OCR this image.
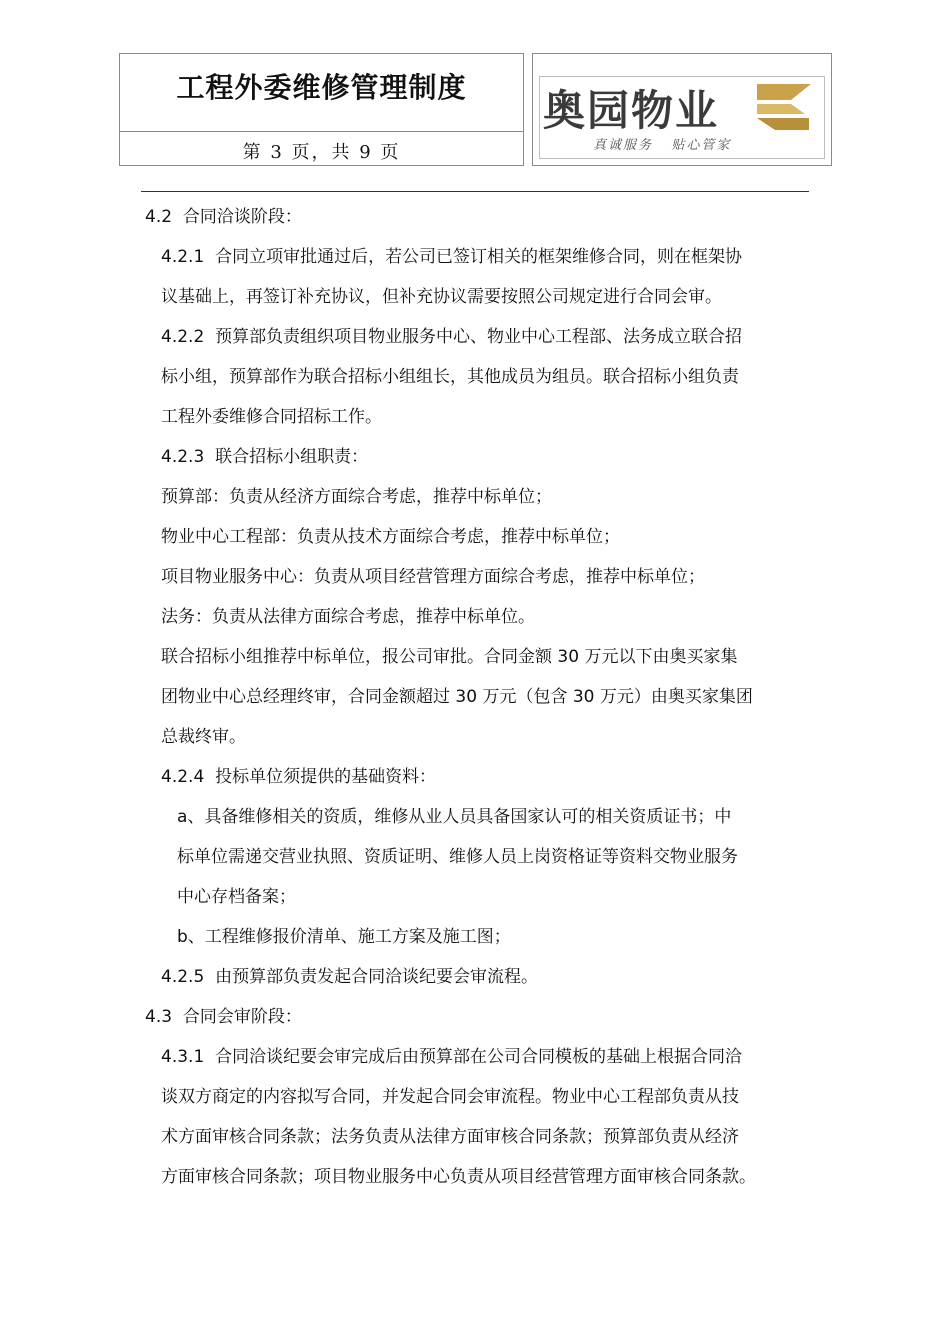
工程外委维修管理制度
第 3 页，共 9 页
奥园物业
真诚服务   贴心管家
4.2  合同洽谈阶段：
4.2.1  合同立项审批通过后，若公司已签订相关的框架维修合同，则在框架协
议基础上，再签订补充协议，但补充协议需要按照公司规定进行合同会审。
4.2.2  预算部负责组织项目物业服务中心、物业中心工程部、法务成立联合招
标小组，预算部作为联合招标小组组长，其他成员为组员。联合招标小组负责
工程外委维修合同招标工作。
4.2.3  联合招标小组职责：
预算部：负责从经济方面综合考虑，推荐中标单位；
物业中心工程部：负责从技术方面综合考虑，推荐中标单位；
项目物业服务中心：负责从项目经营管理方面综合考虑，推荐中标单位；
法务：负责从法律方面综合考虑，推荐中标单位。
联合招标小组推荐中标单位，报公司审批。合同金额 30 万元以下由奥买家集
团物业中心总经理终审，合同金额超过 30 万元（包含 30 万元）由奥买家集团
总裁终审。
4.2.4  投标单位须提供的基础资料：
a、具备维修相关的资质，维修从业人员具备国家认可的相关资质证书；中
标单位需递交营业执照、资质证明、维修人员上岗资格证等资料交物业服务
中心存档备案；
b、工程维修报价清单、施工方案及施工图；
4.2.5  由预算部负责发起合同洽谈纪要会审流程。
4.3  合同会审阶段：
4.3.1  合同洽谈纪要会审完成后由预算部在公司合同模板的基础上根据合同洽
谈双方商定的内容拟写合同，并发起合同会审流程。物业中心工程部负责从技
术方面审核合同条款；法务负责从法律方面审核合同条款；预算部负责从经济
方面审核合同条款；项目物业服务中心负责从项目经营管理方面审核合同条款。
